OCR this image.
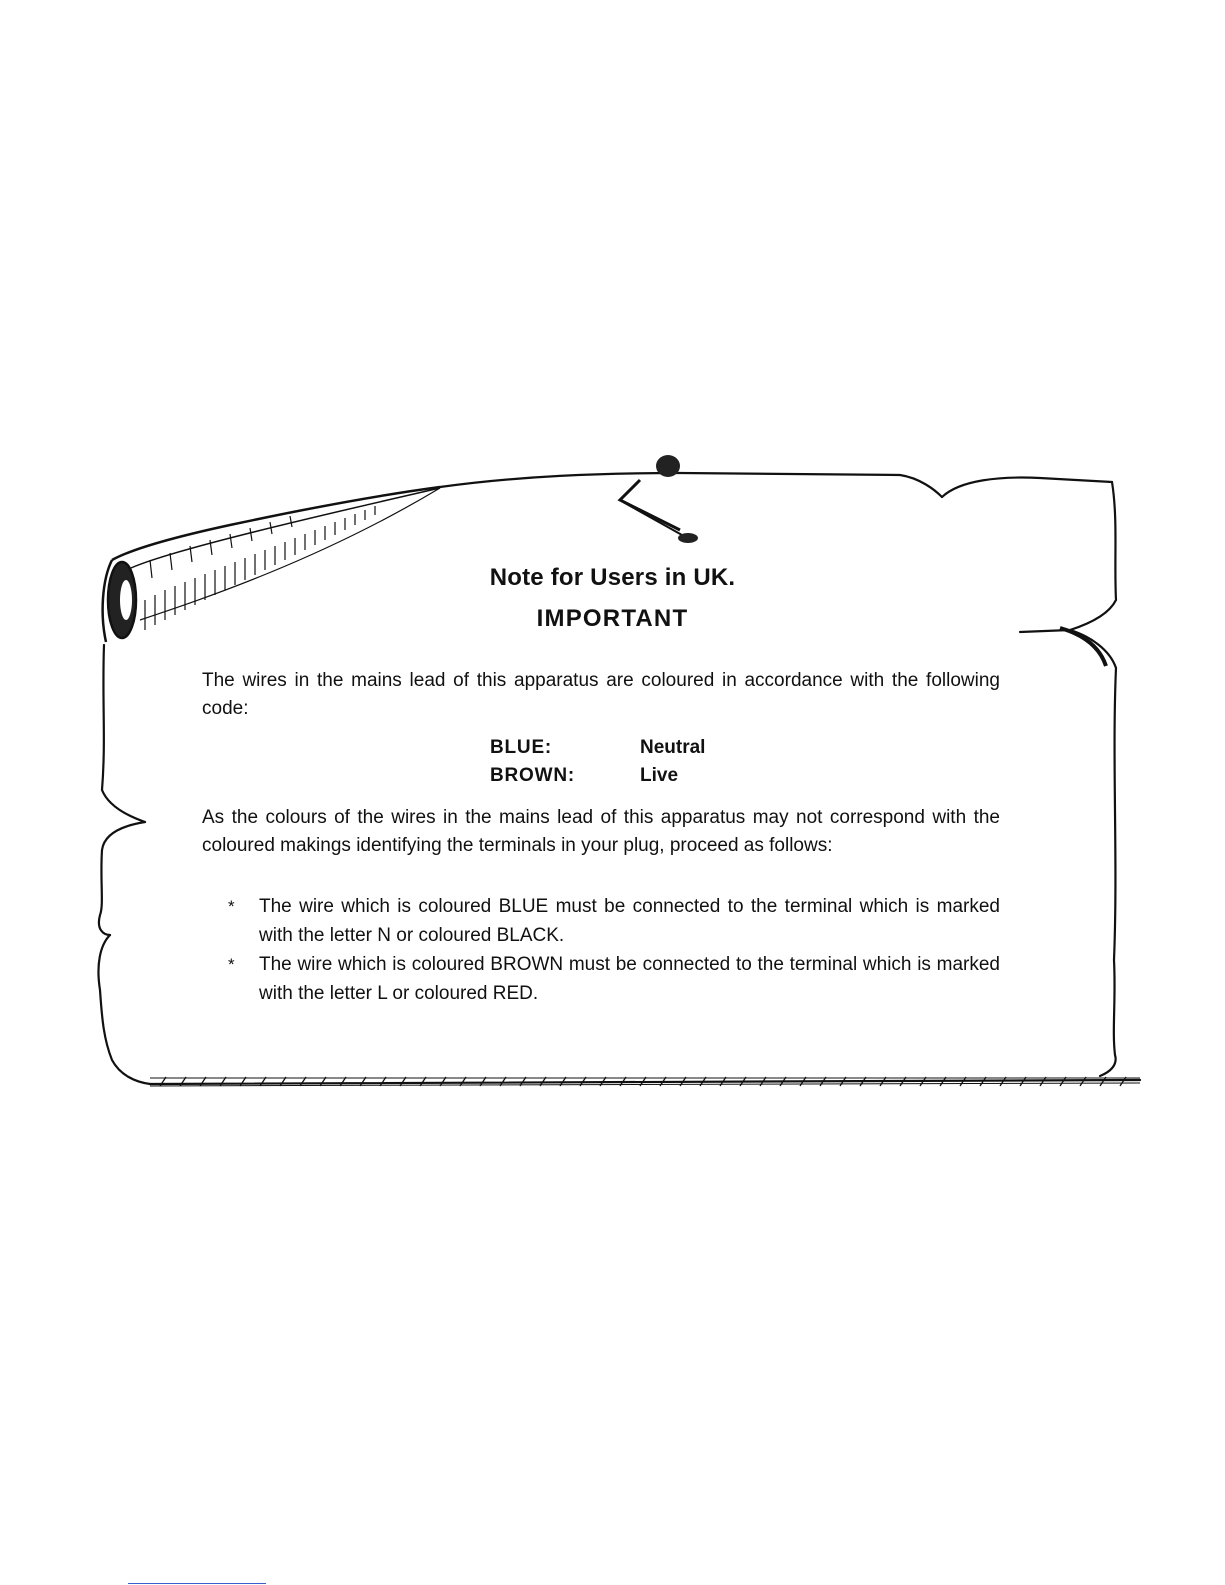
Note for Users in UK.
IMPORTANT
The wires in the mains lead of this apparatus are coloured in accordance with the following code:
BLUE:	Neutral
BROWN:	Live
As the colours of the wires in the mains lead of this apparatus may not correspond with the coloured makings identifying the terminals in your plug, proceed as follows:
*	The wire which is coloured BLUE must be connected to the terminal which is marked with the letter N or coloured BLACK.
*	The wire which is coloured BROWN must be connected to the terminal which is marked with the letter L or coloured RED.
